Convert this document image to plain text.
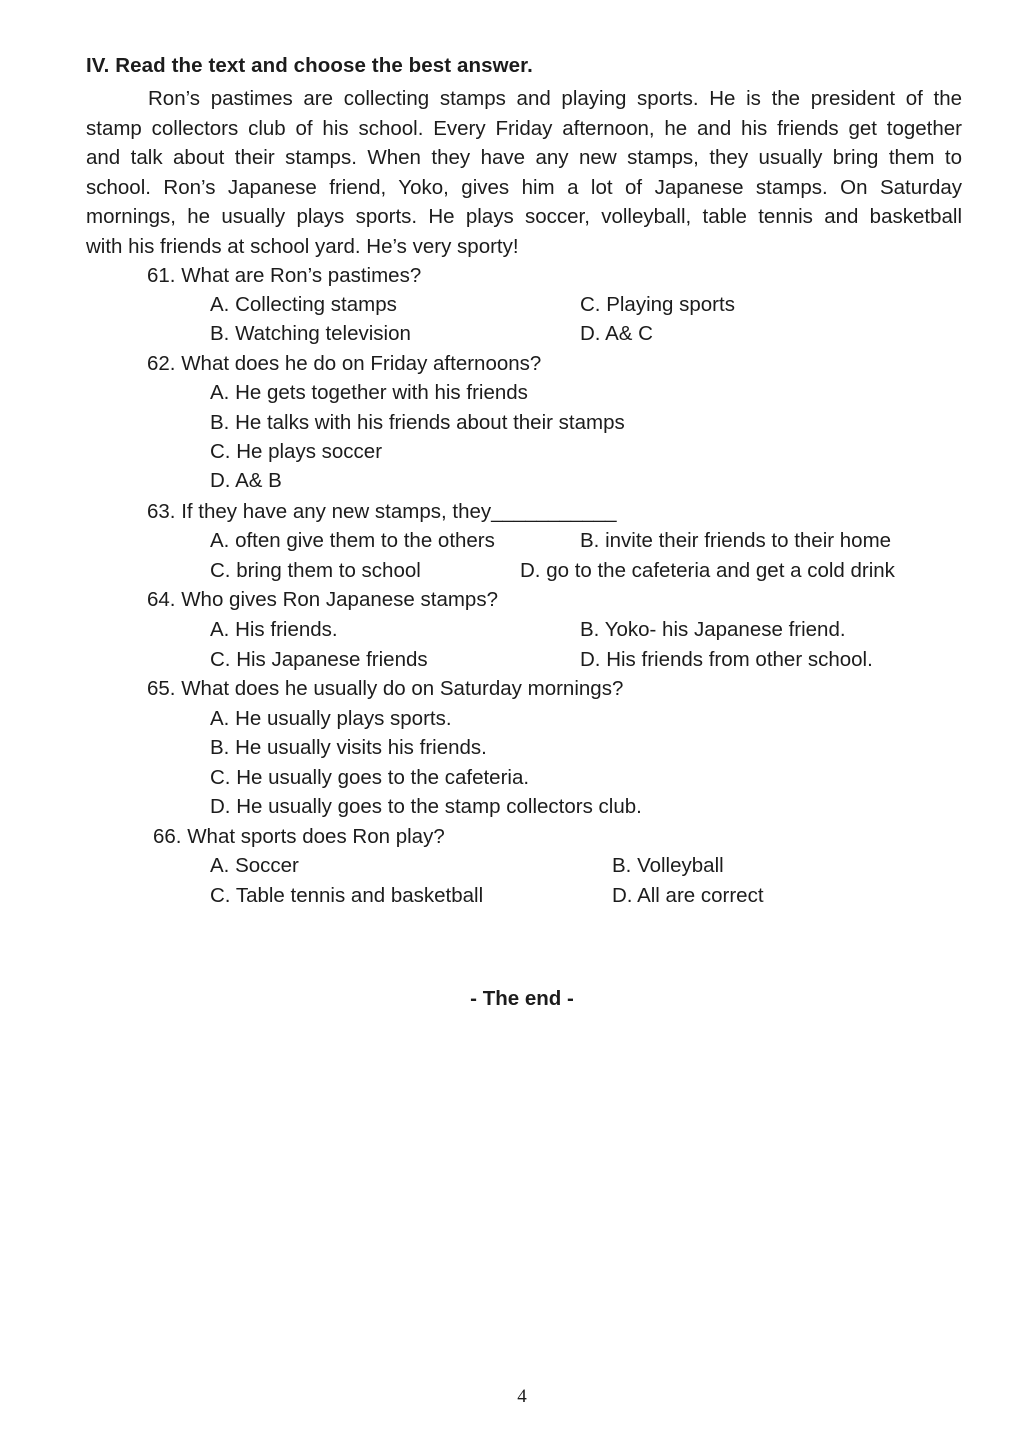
IV. Read the text and choose the best answer.
Ron’s pastimes are collecting stamps and playing sports. He is the president of the
stamp collectors club of his school. Every Friday afternoon, he and his friends get together
and talk about their stamps. When they have any new stamps, they usually bring them to
school. Ron’s Japanese friend, Yoko, gives him a lot of Japanese stamps. On Saturday
mornings, he usually plays sports. He plays soccer, volleyball, table tennis and basketball
with his friends at school yard. He’s very sporty!
61. What are Ron’s pastimes?
A. Collecting stamps	C. Playing sports
B. Watching television	D. A& C
62. What does he do on Friday afternoons?
A. He gets together with his friends
B. He talks with his friends about their stamps
C. He plays soccer
D. A& B
63. If they have any new stamps, they___________
A. often give them to the others	B. invite their friends to their home
C. bring them to school	D. go to the cafeteria and get a cold drink
64. Who gives Ron Japanese stamps?
A. His friends.	B. Yoko- his Japanese friend.
C. His Japanese friends	D. His friends from other school.
65. What does he usually do on Saturday mornings?
A. He usually plays sports.
B. He usually visits his friends.
C. He usually goes to the cafeteria.
D. He usually goes to the stamp collectors club.
66. What sports does Ron play?
A. Soccer	B. Volleyball
C. Table tennis and basketball	D. All are correct
- The end -
4
